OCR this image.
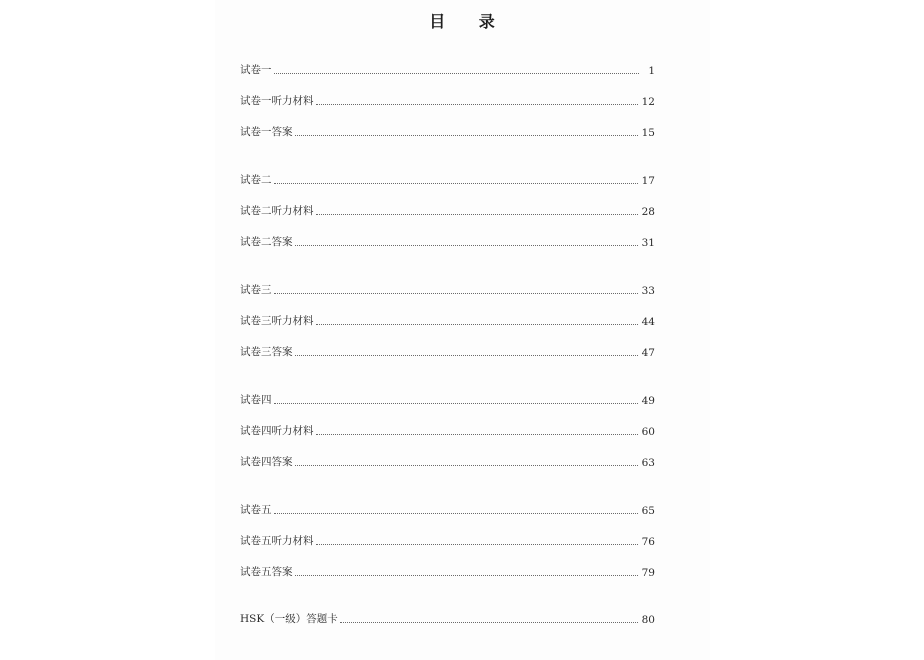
目 录
试卷一	1
试卷一听力材料	12
试卷一答案	15
试卷二	17
试卷二听力材料	28
试卷二答案	31
试卷三	33
试卷三听力材料	44
试卷三答案	47
试卷四	49
试卷四听力材料	60
试卷四答案	63
试卷五	65
试卷五听力材料	76
试卷五答案	79
HSK（一级）答题卡	80
